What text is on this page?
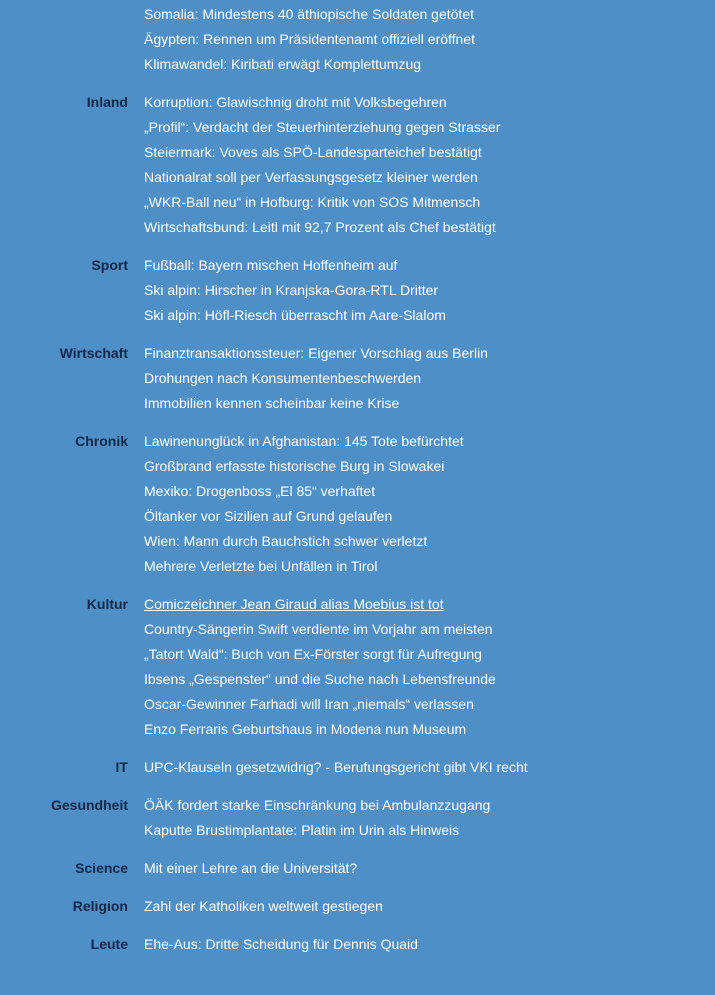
Somalia: Mindestens 40 äthiopische Soldaten getötet
Ägypten: Rennen um Präsidentenamt offiziell eröffnet
Klimawandel: Kiribati erwägt Komplettumzug
Inland Korruption: Glawischnig droht mit Volksbegehren
„Profil“: Verdacht der Steuerhinterziehung gegen Strasser
Steiermark: Voves als SPÖ-Landesparteichef bestätigt
Nationalrat soll per Verfassungsgesetz kleiner werden
„WKR-Ball neu“ in Hofburg: Kritik von SOS Mitmensch
Wirtschaftsbund: Leitl mit 92,7 Prozent als Chef bestätigt
Sport Fußball: Bayern mischen Hoffenheim auf
Ski alpin: Hirscher in Kranjska-Gora-RTL Dritter
Ski alpin: Höfl-Riesch überrascht im Aare-Slalom
Wirtschaft Finanztransaktionssteuer: Eigener Vorschlag aus Berlin
Drohungen nach Konsumentenbeschwerden
Immobilien kennen scheinbar keine Krise
Chronik Lawinenunglück in Afghanistan: 145 Tote befürchtet
Großbrand erfasste historische Burg in Slowakei
Mexiko: Drogenboss „El 85“ verhaftet
Öltanker vor Sizilien auf Grund gelaufen
Wien: Mann durch Bauchstich schwer verletzt
Mehrere Verletzte bei Unfällen in Tirol
Kultur Comiczeichner Jean Giraud alias Moebius ist tot
Country-Sängerin Swift verdiente im Vorjahr am meisten
„Tatort Wald“: Buch von Ex-Förster sorgt für Aufregung
Ibsens „Gespenster“ und die Suche nach Lebensfreunde
Oscar-Gewinner Farhadi will Iran „niemals“ verlassen
Enzo Ferraris Geburtshaus in Modena nun Museum
IT UPC-Klauseln gesetzwidrig? - Berufungsgericht gibt VKI recht
Gesundheit ÖÄK fordert starke Einschränkung bei Ambulanzzugang
Kaputte Brustimplantate: Platin im Urin als Hinweis
Science Mit einer Lehre an die Universität?
Religion Zahl der Katholiken weltweit gestiegen
Leute Ehe-Aus: Dritte Scheidung für Dennis Quaid
